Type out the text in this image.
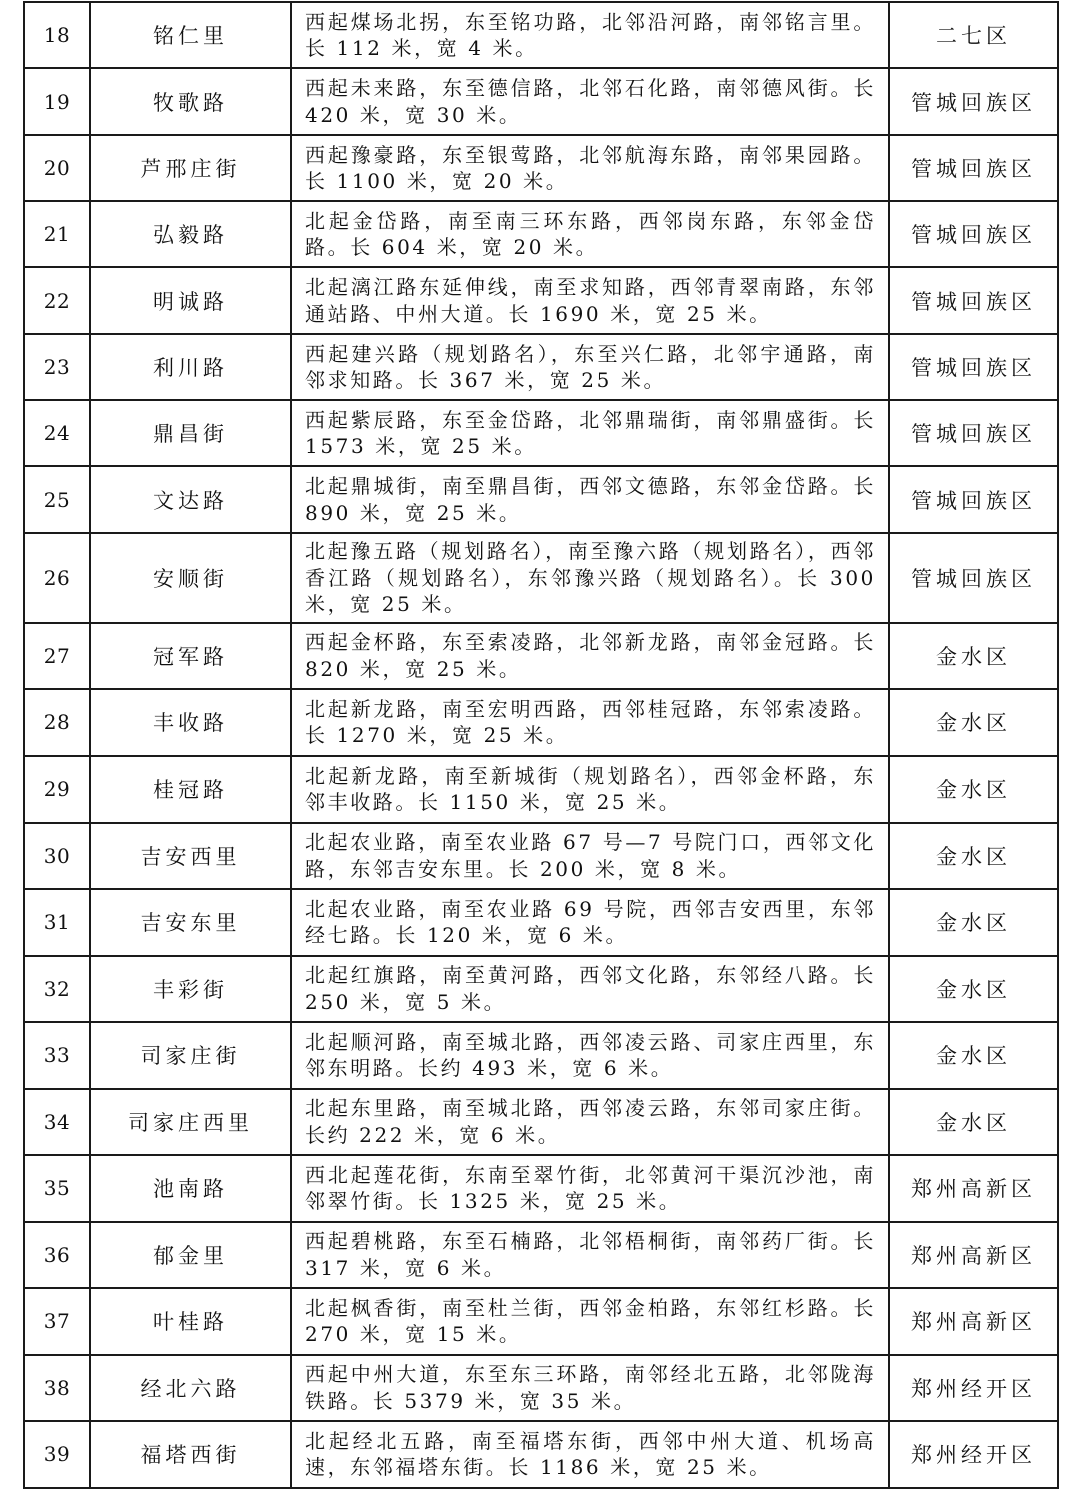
18	铭仁里	西起煤场北拐，东至铭功路，北邻沿河路，南邻铭言里。长 112 米，宽 4 米。	二七区
19	牧歌路	西起未来路，东至德信路，北邻石化路，南邻德风街。长 420 米，宽 30 米。	管城回族区
20	芦邢庄街	西起豫豪路，东至银莺路，北邻航海东路，南邻果园路。长 1100 米，宽 20 米。	管城回族区
21	弘毅路	北起金岱路，南至南三环东路，西邻岗东路，东邻金岱路。长 604 米，宽 20 米。	管城回族区
22	明诚路	北起漓江路东延伸线，南至求知路，西邻青翠南路，东邻通站路、中州大道。长 1690 米，宽 25 米。	管城回族区
23	利川路	西起建兴路（规划路名），东至兴仁路，北邻宇通路，南邻求知路。长 367 米，宽 25 米。	管城回族区
24	鼎昌街	西起紫辰路，东至金岱路，北邻鼎瑞街，南邻鼎盛街。长 1573 米，宽 25 米。	管城回族区
25	文达路	北起鼎城街，南至鼎昌街，西邻文德路，东邻金岱路。长 890 米，宽 25 米。	管城回族区
26	安顺街	北起豫五路（规划路名），南至豫六路（规划路名），西邻香江路（规划路名），东邻豫兴路（规划路名）。长 300 米，宽 25 米。	管城回族区
27	冠军路	西起金杯路，东至索凌路，北邻新龙路，南邻金冠路。长 820 米，宽 25 米。	金水区
28	丰收路	北起新龙路，南至宏明西路，西邻桂冠路，东邻索凌路。长 1270 米，宽 25 米。	金水区
29	桂冠路	北起新龙路，南至新城街（规划路名），西邻金杯路，东邻丰收路。长 1150 米，宽 25 米。	金水区
30	吉安西里	北起农业路，南至农业路 67 号—7 号院门口，西邻文化路，东邻吉安东里。长 200 米，宽 8 米。	金水区
31	吉安东里	北起农业路，南至农业路 69 号院，西邻吉安西里，东邻经七路。长 120 米，宽 6 米。	金水区
32	丰彩街	北起红旗路，南至黄河路，西邻文化路，东邻经八路。长 250 米，宽 5 米。	金水区
33	司家庄街	北起顺河路，南至城北路，西邻凌云路、司家庄西里，东邻东明路。长约 493 米，宽 6 米。	金水区
34	司家庄西里	北起东里路，南至城北路，西邻凌云路，东邻司家庄街。长约 222 米，宽 6 米。	金水区
35	池南路	西北起莲花街，东南至翠竹街，北邻黄河干渠沉沙池，南邻翠竹街。长 1325 米，宽 25 米。	郑州高新区
36	郁金里	西起碧桃路，东至石楠路，北邻梧桐街，南邻药厂街。长 317 米，宽 6 米。	郑州高新区
37	叶桂路	北起枫香街，南至杜兰街，西邻金柏路，东邻红杉路。长 270 米，宽 15 米。	郑州高新区
38	经北六路	西起中州大道，东至东三环路，南邻经北五路，北邻陇海铁路。长 5379 米，宽 35 米。	郑州经开区
39	福塔西街	北起经北五路，南至福塔东街，西邻中州大道、机场高速，东邻福塔东街。长 1186 米，宽 25 米。	郑州经开区
